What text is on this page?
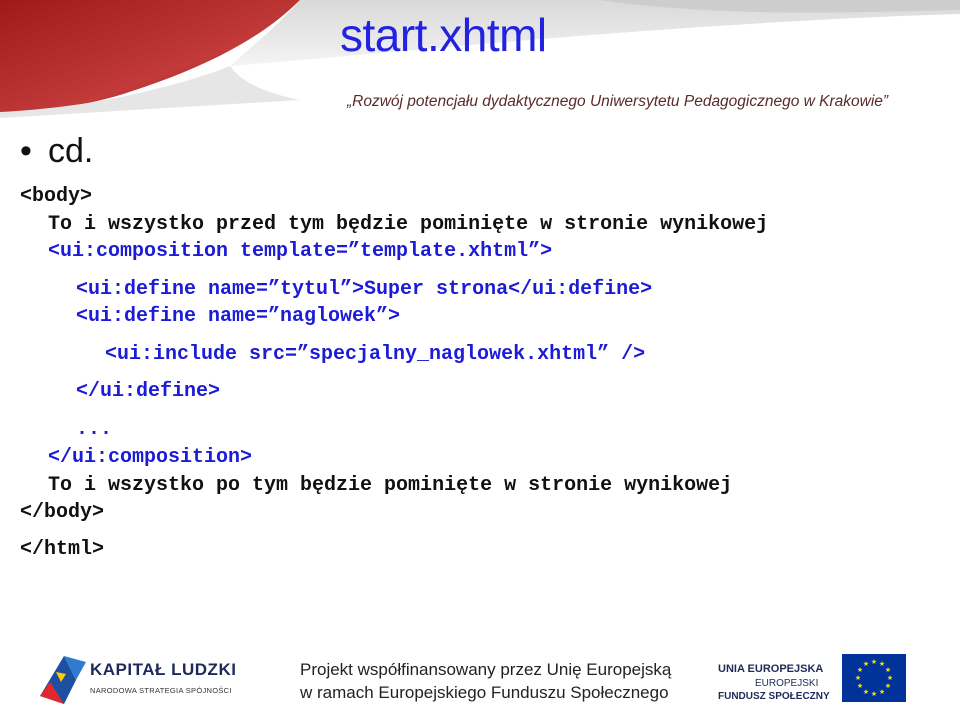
start.xhtml
„Rozwój potencjału dydaktycznego Uniwersytetu Pedagogicznego w Krakowie”
• cd.
<body>
To i wszystko przed tym będzie pominięte w stronie wynikowej
<ui:composition template=”template.xhtml”>
<ui:define name=”tytul”>Super strona</ui:define>
<ui:define name=”naglowek”>
<ui:include src=”specjalny_naglowek.xhtml” />
</ui:define>
...
</ui:composition>
To i wszystko po tym będzie pominięte w stronie wynikowej
</body>
</html>
KAPITAŁ LUDZKI
NARODOWA STRATEGIA SPÓJNOŚCI
Projekt współfinansowany przez Unię Europejską
w ramach Europejskiego Funduszu Społecznego
UNIA EUROPEJSKA
EUROPEJSKI
FUNDUSZ SPOŁECZNY
★ ★
★
★
★
★
★
★
★
★
★
★
